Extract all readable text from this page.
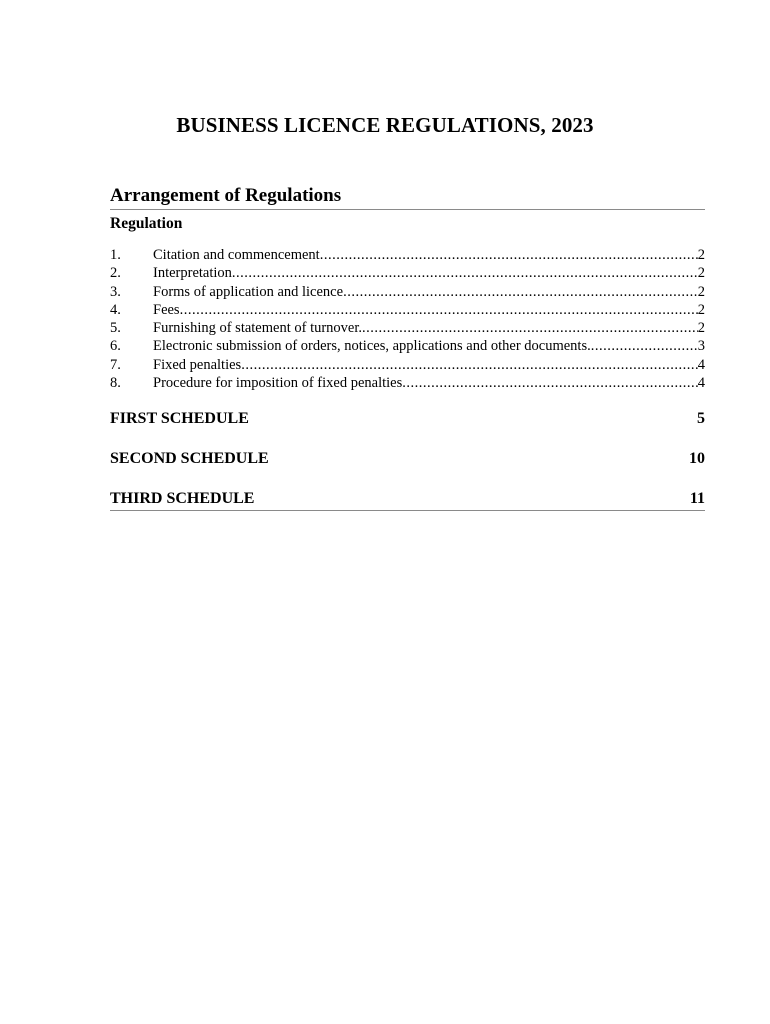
BUSINESS LICENCE REGULATIONS, 2023
Arrangement of Regulations
Regulation
1.	Citation and commencement .....	2
2.	Interpretation .....	2
3.	Forms of application and licence .....	2
4.	Fees .....	2
5.	Furnishing of statement of turnover. .....	2
6.	Electronic submission of orders, notices, applications and other documents. .....	3
7.	Fixed penalties .....	4
8.	Procedure for imposition of fixed penalties .....	4
FIRST SCHEDULE	5
SECOND SCHEDULE	10
THIRD SCHEDULE	11
